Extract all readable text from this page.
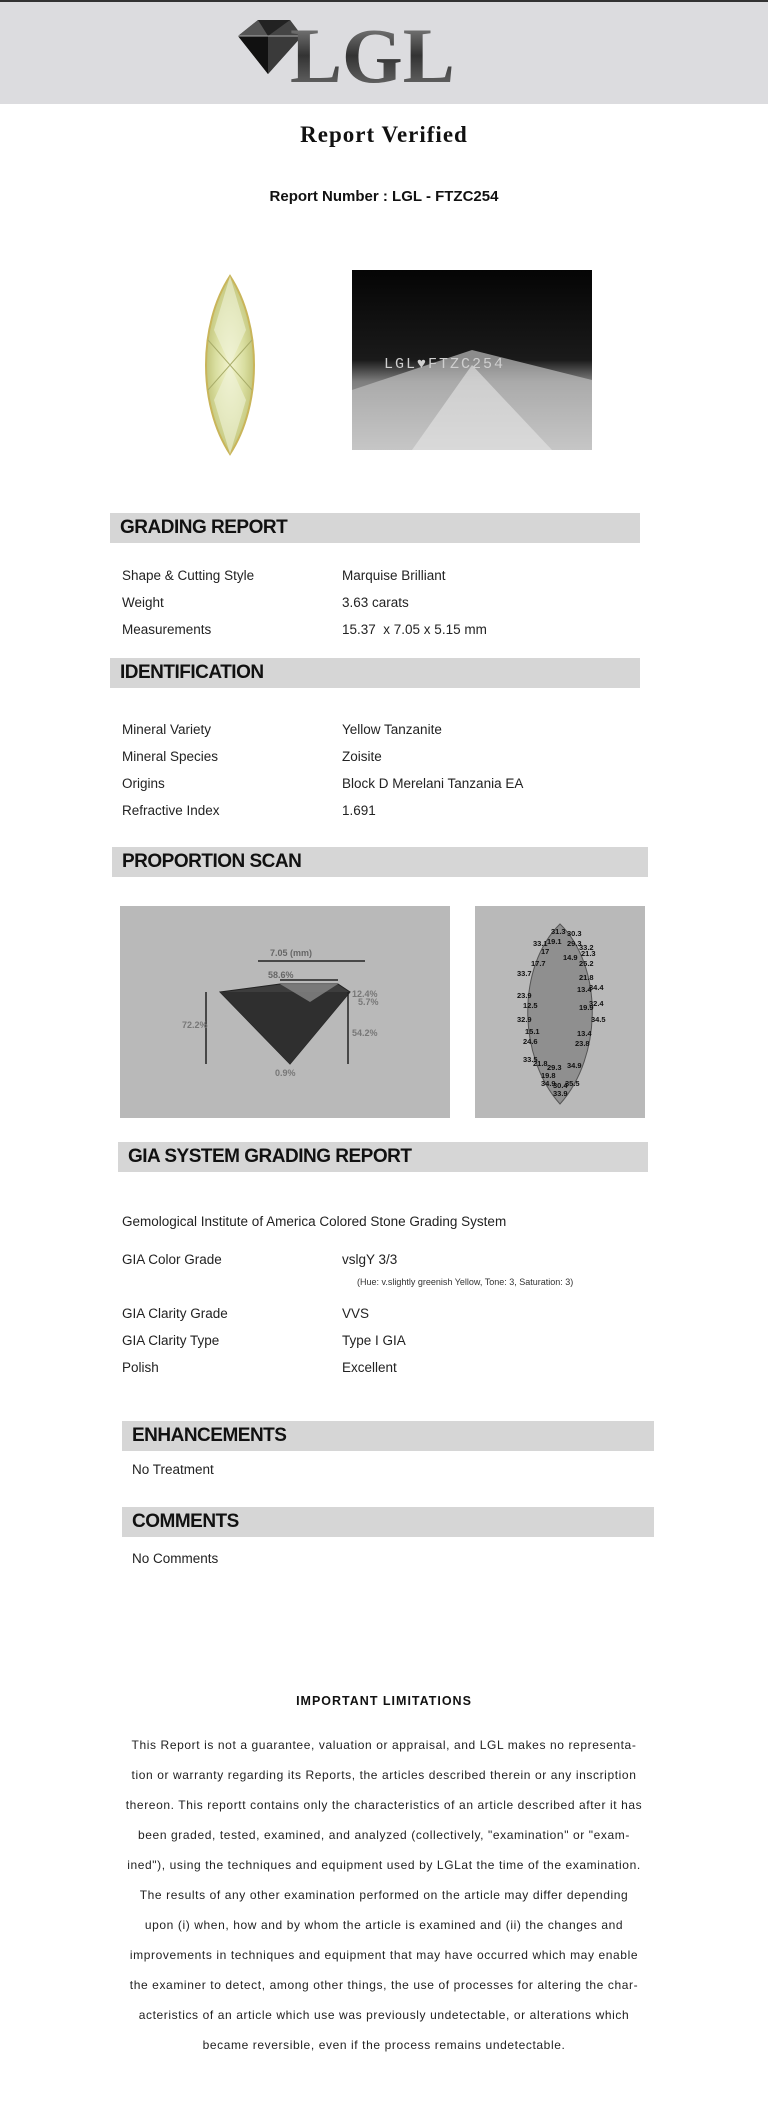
LGL
Report Verified
Report Number : LGL - FTZC254
LGL♥FTZC254
GRADING REPORT
Shape & Cutting Style	Marquise Brilliant
Weight	3.63 carats
Measurements	15.37  x 7.05 x 5.15 mm
IDENTIFICATION
Mineral Variety	Yellow Tanzanite
Mineral Species	Zoisite
Origins	Block D Merelani Tanzania EA
Refractive Index	1.691
PROPORTION SCAN
7.05 (mm)
58.6%
72.2%
12.4%
5.7%
54.2%
0.9%
31.3 30.3
33.1 19.1 29.3
33.2
17	21.3
14.9
25.2
17.7
33.7	21.8
13.4
34.4
23.9
12.5	19.9
32.4
32.9	34.5
15.1
24.6
13.4
23.8
33.5
21.8 29.3
19.8
34.9
34.9
30.4
35.5
33.9
GIA SYSTEM GRADING REPORT
Gemological Institute of America Colored Stone Grading System
GIA Color Grade	vslgY 3/3
(Hue: v.slightly greenish Yellow, Tone: 3, Saturation: 3)
GIA Clarity Grade	VVS
GIA Clarity Type	Type I GIA
Polish	Excellent
ENHANCEMENTS
No Treatment
COMMENTS
No Comments
IMPORTANT LIMITATIONS
This Report is not a guarantee, valuation or appraisal, and LGL makes no representa-
tion or warranty regarding its Reports, the articles described therein or any inscription
thereon. This reportt contains only the characteristics of an article described after it has
been graded, tested, examined, and analyzed (collectively, "examination" or "exam-
ined"), using the techniques and equipment used by LGLat the time of the examination.
The results of any other examination performed on the article may differ depending
upon (i) when, how and by whom the article is examined and (ii) the changes and
improvements in techniques and equipment that may have occurred which may enable
the examiner to detect, among other things, the use of processes for altering the char-
acteristics of an article which use was previously undetectable, or alterations which
became reversible, even if the process remains undetectable.
